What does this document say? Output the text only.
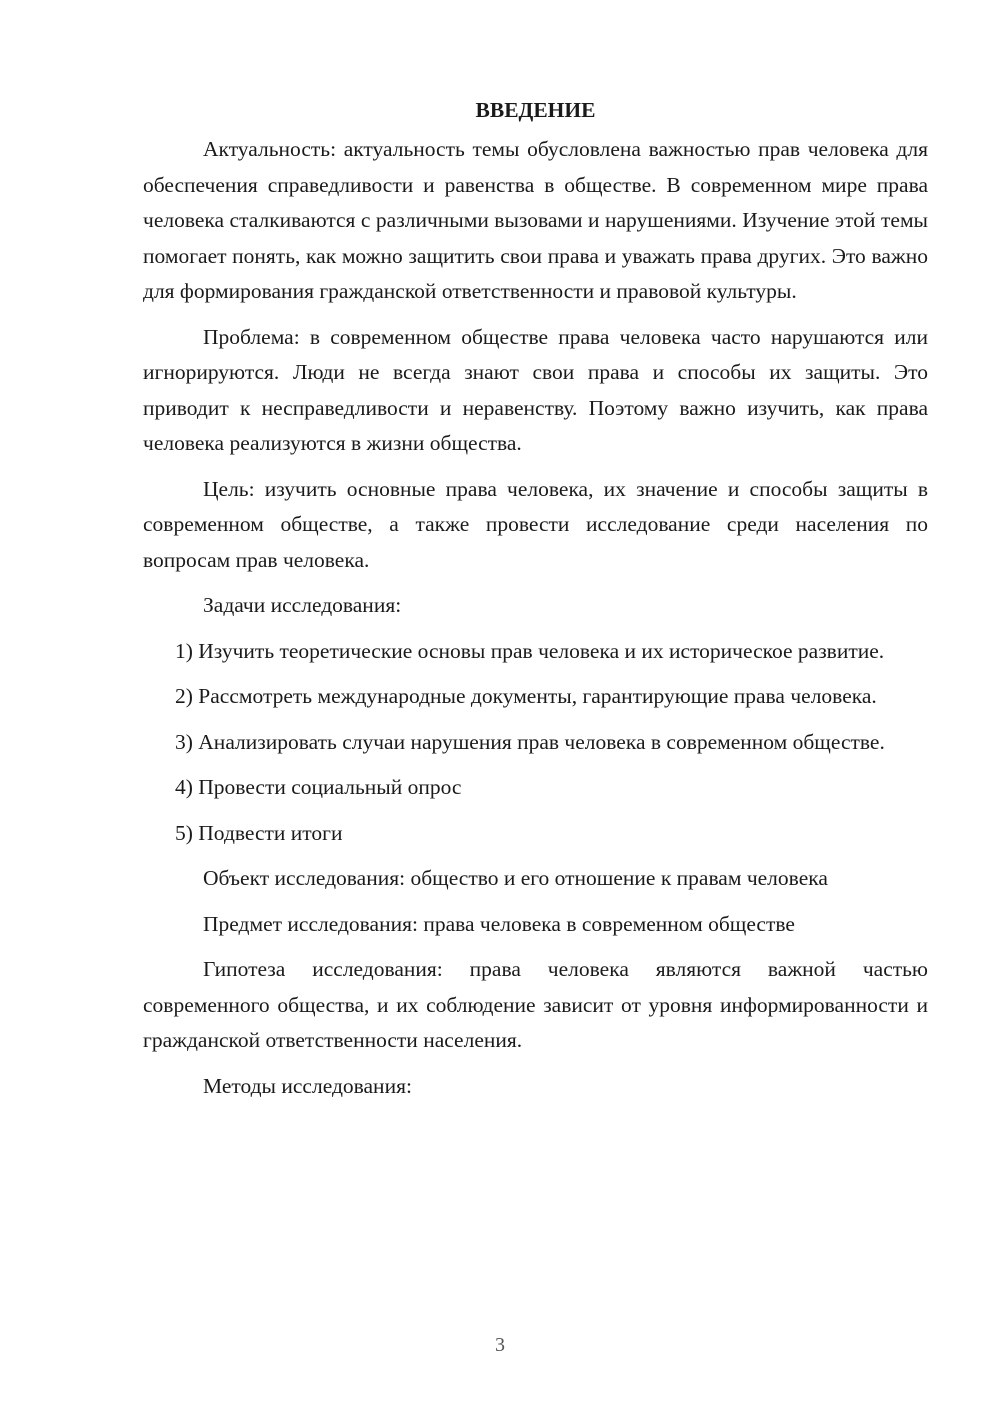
ВВЕДЕНИЕ

Актуальность: актуальность темы обусловлена важностью прав человека для обеспечения справедливости и равенства в обществе. В современном мире права человека сталкиваются с различными вызовами и нарушениями. Изучение этой темы помогает понять, как можно защитить свои права и уважать права других. Это важно для формирования гражданской ответственности и правовой культуры.

Проблема: в современном обществе права человека часто нарушаются или игнорируются. Люди не всегда знают свои права и способы их защиты. Это приводит к несправедливости и неравенству. Поэтому важно изучить, как права человека реализуются в жизни общества.

Цель: изучить основные права человека, их значение и способы защиты в современном обществе, а также провести исследование среди населения по вопросам прав человека.

Задачи исследования:

1) Изучить теоретические основы прав человека и их историческое развитие.

2) Рассмотреть международные документы, гарантирующие права человека.

3) Анализировать случаи нарушения прав человека в современном обществе.

4) Провести социальный опрос

5) Подвести итоги

Объект исследования: общество и его отношение к правам человека

Предмет исследования: права человека в современном обществе

Гипотеза исследования: права человека являются важной частью современного общества, и их соблюдение зависит от уровня информированности и гражданской ответственности населения.

Методы исследования:

3
